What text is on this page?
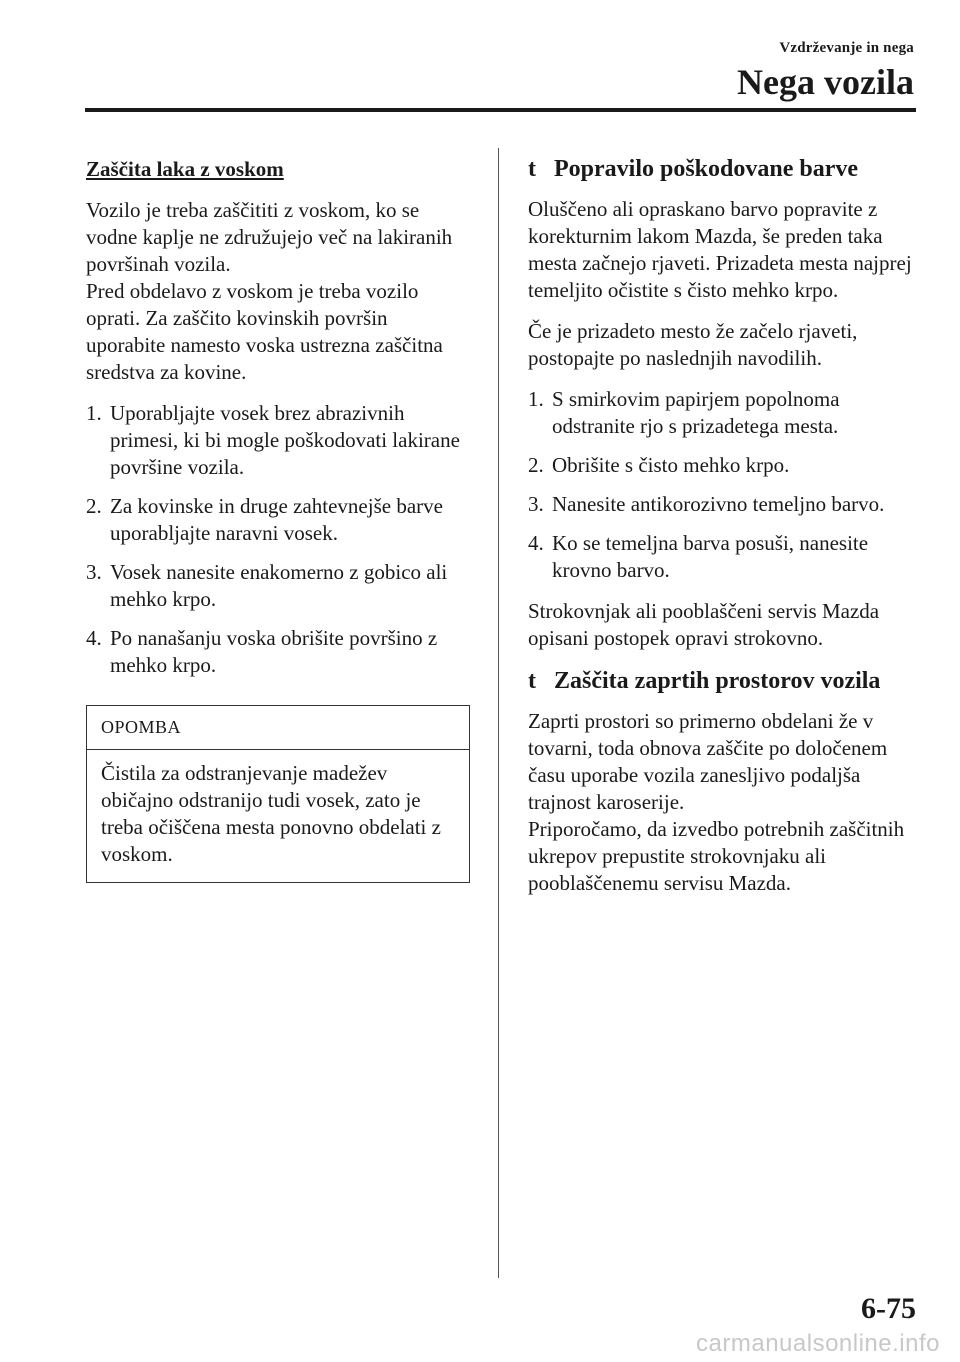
Vzdrževanje in nega
Nega vozila
Zaščita laka z voskom

Vozilo je treba zaščititi z voskom, ko se vodne kaplje ne združujejo več na lakiranih površinah vozila.

Pred obdelavo z voskom je treba vozilo oprati. Za zaščito kovinskih površin uporabite namesto voska ustrezna zaščitna sredstva za kovine.

1. Uporabljajte vosek brez abrazivnih primesi, ki bi mogle poškodovati lakirane površine vozila.
2. Za kovinske in druge zahtevnejše barve uporabljajte naravni vosek.
3. Vosek nanesite enakomerno z gobico ali mehko krpo.
4. Po nanašanju voska obrišite površino z mehko krpo.
OPOMBA
Čistila za odstranjevanje madežev običajno odstranijo tudi vosek, zato je treba očiščena mesta ponovno obdelati z voskom.
t Popravilo poškodovane barve

Oluščeno ali opraskano barvo popravite z korekturnim lakom Mazda, še preden taka mesta začnejo rjaveti. Prizadeta mesta najprej temeljito očistite s čisto mehko krpo.

Če je prizadeto mesto že začelo rjaveti, postopajte po naslednjih navodilih.

1. S smirkovim papirjem popolnoma odstranite rjo s prizadetega mesta.
2. Obrišite s čisto mehko krpo.
3. Nanesite antikorozivno temeljno barvo.
4. Ko se temeljna barva posuši, nanesite krovno barvo.

Strokovnjak ali pooblaščeni servis Mazda opisani postopek opravi strokovno.

t Zaščita zaprtih prostorov vozila

Zaprti prostori so primerno obdelani že v tovarni, toda obnova zaščite po določenem času uporabe vozila zanesljivo podaljša trajnost karoserije.

Priporočamo, da izvedbo potrebnih zaščitnih ukrepov prepustite strokovnjaku ali pooblaščenemu servisu Mazda.

6-75
carmanualsonline.info
